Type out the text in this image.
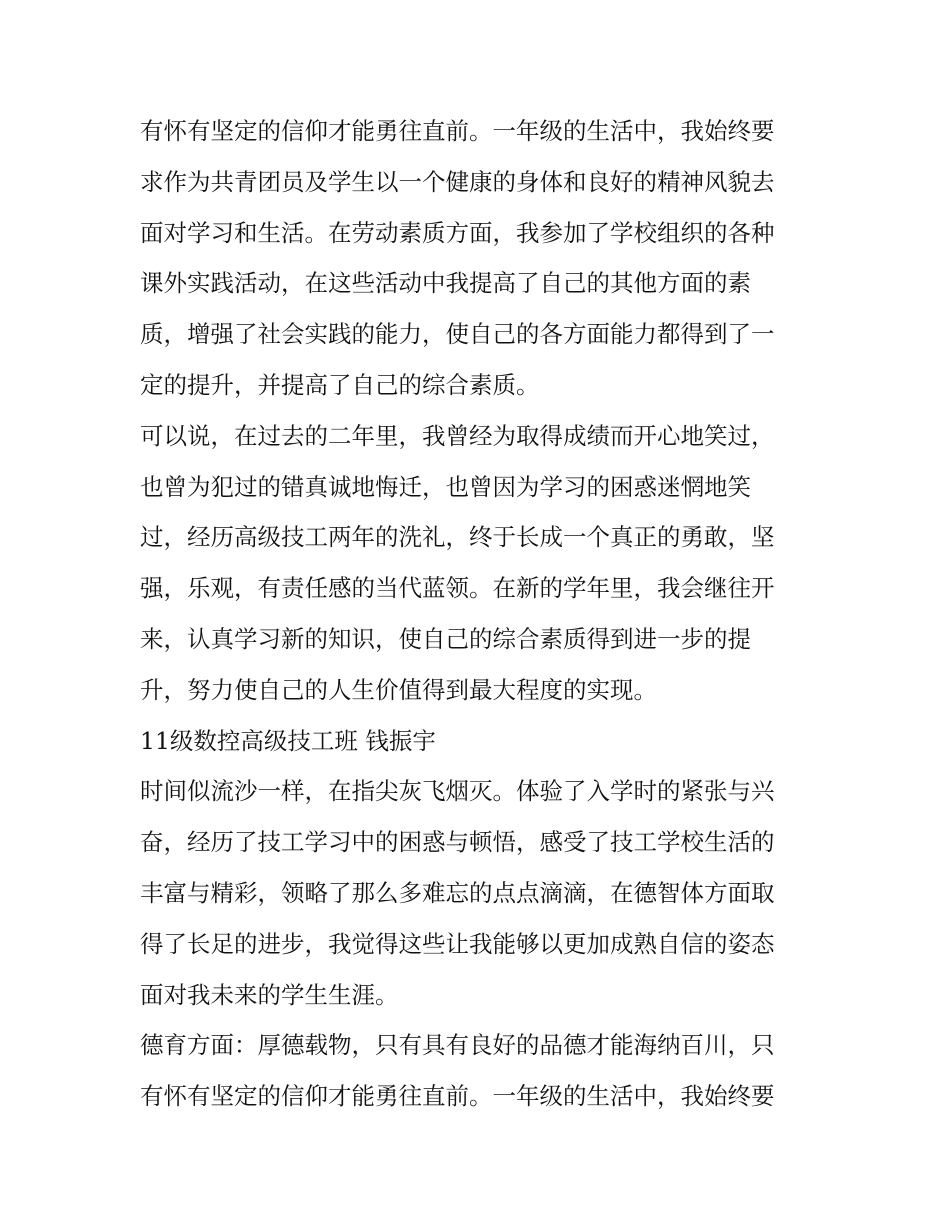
有怀有坚定的信仰才能勇往直前。一年级的生活中，我始终要
求作为共青团员及学生以一个健康的身体和良好的精神风貌去
面对学习和生活。在劳动素质方面，我参加了学校组织的各种
课外实践活动，在这些活动中我提高了自己的其他方面的素
质，增强了社会实践的能力，使自己的各方面能力都得到了一
定的提升，并提高了自己的综合素质。
可以说，在过去的二年里，我曾经为取得成绩而开心地笑过，
也曾为犯过的错真诚地悔迁，也曾因为学习的困惑迷惘地笑
过，经历高级技工两年的洗礼，终于长成一个真正的勇敢，坚
强，乐观，有责任感的当代蓝领。在新的学年里，我会继往开
来，认真学习新的知识，使自己的综合素质得到进一步的提
升，努力使自己的人生价值得到最大程度的实现。
11级数控高级技工班 钱振宇
时间似流沙一样，在指尖灰飞烟灭。体验了入学时的紧张与兴
奋，经历了技工学习中的困惑与顿悟，感受了技工学校生活的
丰富与精彩，领略了那么多难忘的点点滴滴，在德智体方面取
得了长足的进步，我觉得这些让我能够以更加成熟自信的姿态
面对我未来的学生生涯。
德育方面：厚德载物，只有具有良好的品德才能海纳百川，只
有怀有坚定的信仰才能勇往直前。一年级的生活中，我始终要
